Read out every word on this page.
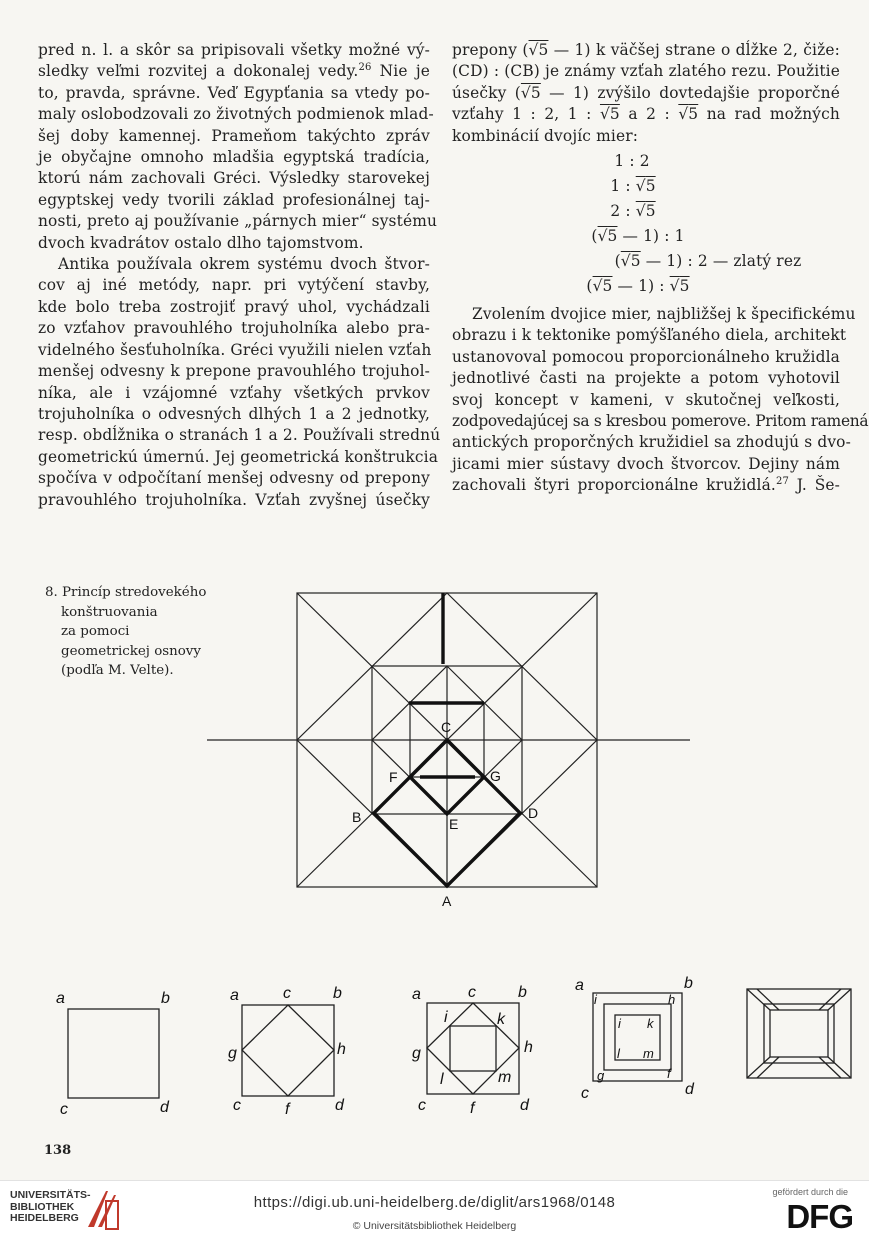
pred n. l. a skôr sa pripisovali všetky možné vý-

sledky veľmi rozvitej a dokonalej vedy.$^{26}$ Nie je

to, pravda, správne. Veď Egypťania sa vtedy po-

maly oslobodzovali zo životných podmienok mlad-

šej doby kamennej. Prameňom takýchto zpráv

je obyčajne omnoho mladšia egyptská tradícia,

ktorú nám zachovali Gréci. Výsledky starovekej

egyptskej vedy tvorili základ profesionálnej taj-

nosti, preto aj používanie „párnych mier“ systému

dvoch kvadrátov ostalo dlho tajomstvom.

Antika používala okrem systému dvoch štvor-

cov aj iné metódy, napr. pri vytýčení stavby,

kde bolo treba zostrojiť pravý uhol, vychádzali

zo vzťahov pravouhlého trojuholníka alebo pra-

videlného šesťuholníka. Gréci využili nielen vzťah

menšej odvesny k prepone pravouhlého trojuhol-

níka, ale i vzájomné vzťahy všetkých prvkov

trojuholníka o odvesných dlhých 1 a 2 jednotky,

resp. obdĺžnika o stranách 1 a 2. Používali strednú

geometrickú úmernú. Jej geometrická konštrukcia

spočíva v odpočítaní menšej odvesny od prepony

pravouhlého trojuholníka. Vzťah zvyšnej úsečky

prepony (√5 — 1) k väčšej strane o dĺžke 2, čiže:

(CD) : (CB) je známy vzťah zlatého rezu. Použitie

úsečky (√5 — 1) zvýšilo dovtedajšie proporčné

vzťahy 1 : 2, 1 : √5 a 2 : √5 na rad možných

kombinácií dvojíc mier:

1 : 2
1 : √5
2 : √5
(√5 — 1) : 1
(√5 — 1) : 2 — zlatý rez
(√5 — 1) : √5

Zvolením dvojice mier, najbližšej k špecifickému

obrazu i k tektonike pomýšľaného diela, architekt

ustanovoval pomocou proporcionálneho kružidla

jednotlivé časti na projekte a potom vyhotovil

svoj koncept v kameni, v skutočnej veľkosti,

zodpovedajúcej sa s kresbou pomerove. Pritom ramená

antických proporčných kružidiel sa zhodujú s dvo-

jicami mier sústavy dvoch štvorcov. Dejiny nám

zachovali štyri proporcionálne kružidlá.$^{27}$ J. Še-

8. Princíp stredovekého
konštruovania
za pomoci
geometrickej osnovy
(podľa M. Velte).
C
F	G
B	D
E
A
a	b
c	d
a	c	b
g	h
c	f	d
a	c	b
i	k
g	h
l	m
c	f	d
a	b
i	h
i k
l m
g	f
c	d
138
UNIVERSITÄTS-
BIBLIOTHEK
HEIDELBERG
https://digi.ub.uni-heidelberg.de/diglit/ars1968/0148
© Universitätsbibliothek Heidelberg
gefördert durch die
DFG
